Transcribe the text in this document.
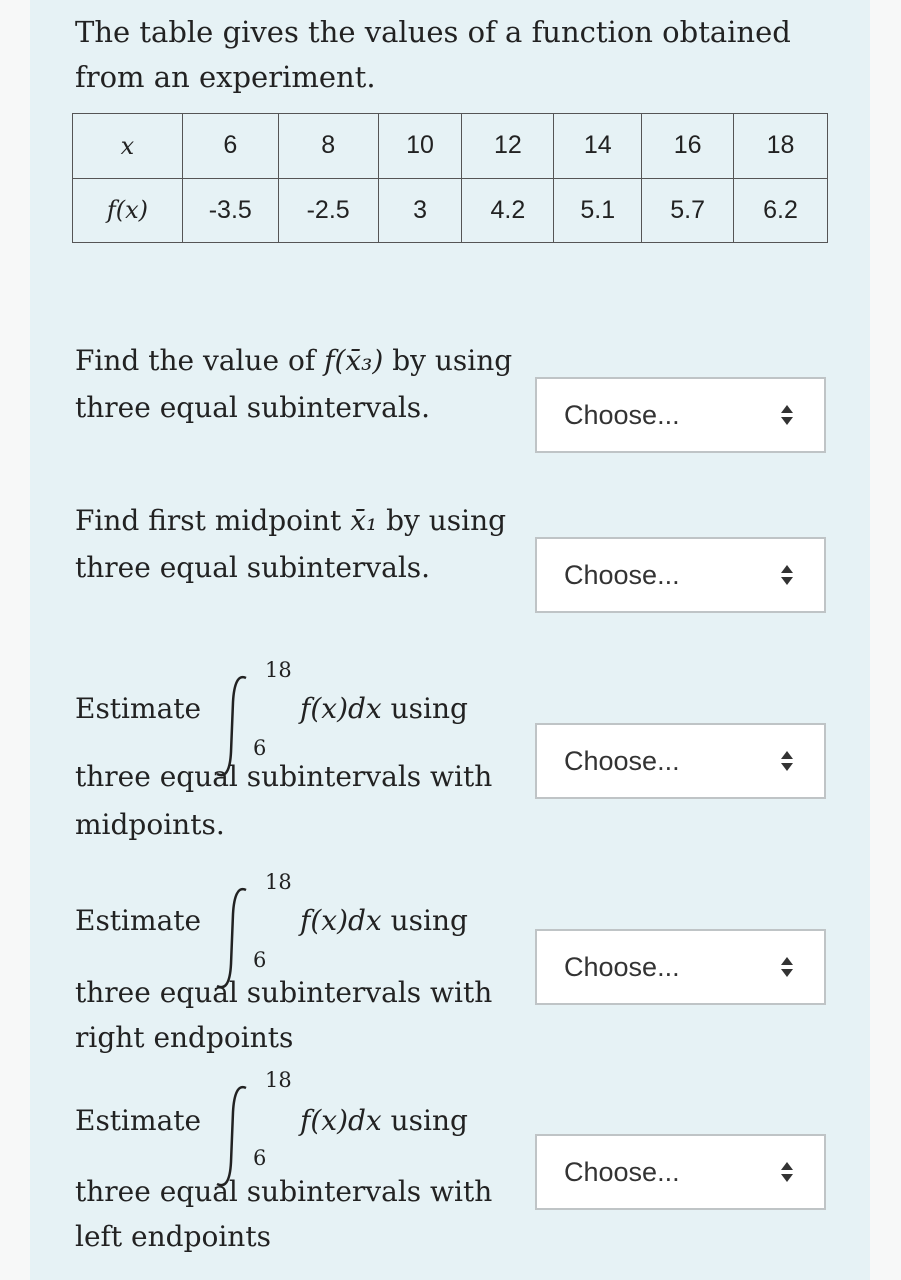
The table gives the values of a function obtained from an experiment.
x	6	8	10	12	14	16	18
f(x)	-3.5	-2.5	3	4.2	5.1	5.7	6.2
Find the value of f(x̄₃) by using three equal subintervals.	Choose...
Find first midpoint x̄₁ by using three equal subintervals.	Choose...
Estimate
18
6
f(x)dx using
three equal subintervals with
midpoints.
Choose...
Estimate
18
6
f(x)dx using
three equal subintervals with
right endpoints
Choose...
Estimate
18
6
f(x)dx using
three equal subintervals with
left endpoints
Choose...
